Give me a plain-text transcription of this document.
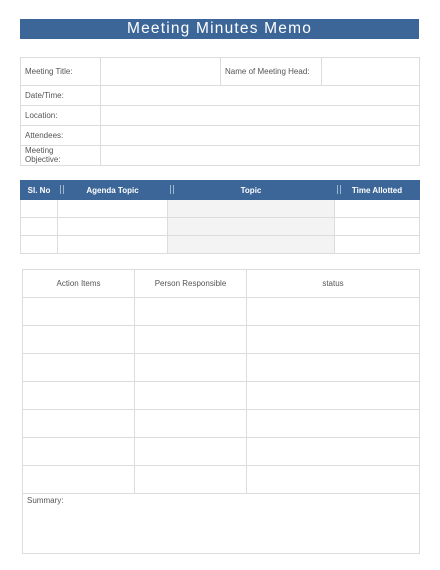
Meeting Minutes Memo
Meeting Title:		Name of Meeting Head:	
Date/Time:			
Location:			
Attendees:			
Meeting
Objective:			
Sl. No	Agenda Topic	Topic	Time Allotted

Action Items	Person Responsible	status

Summary:		
